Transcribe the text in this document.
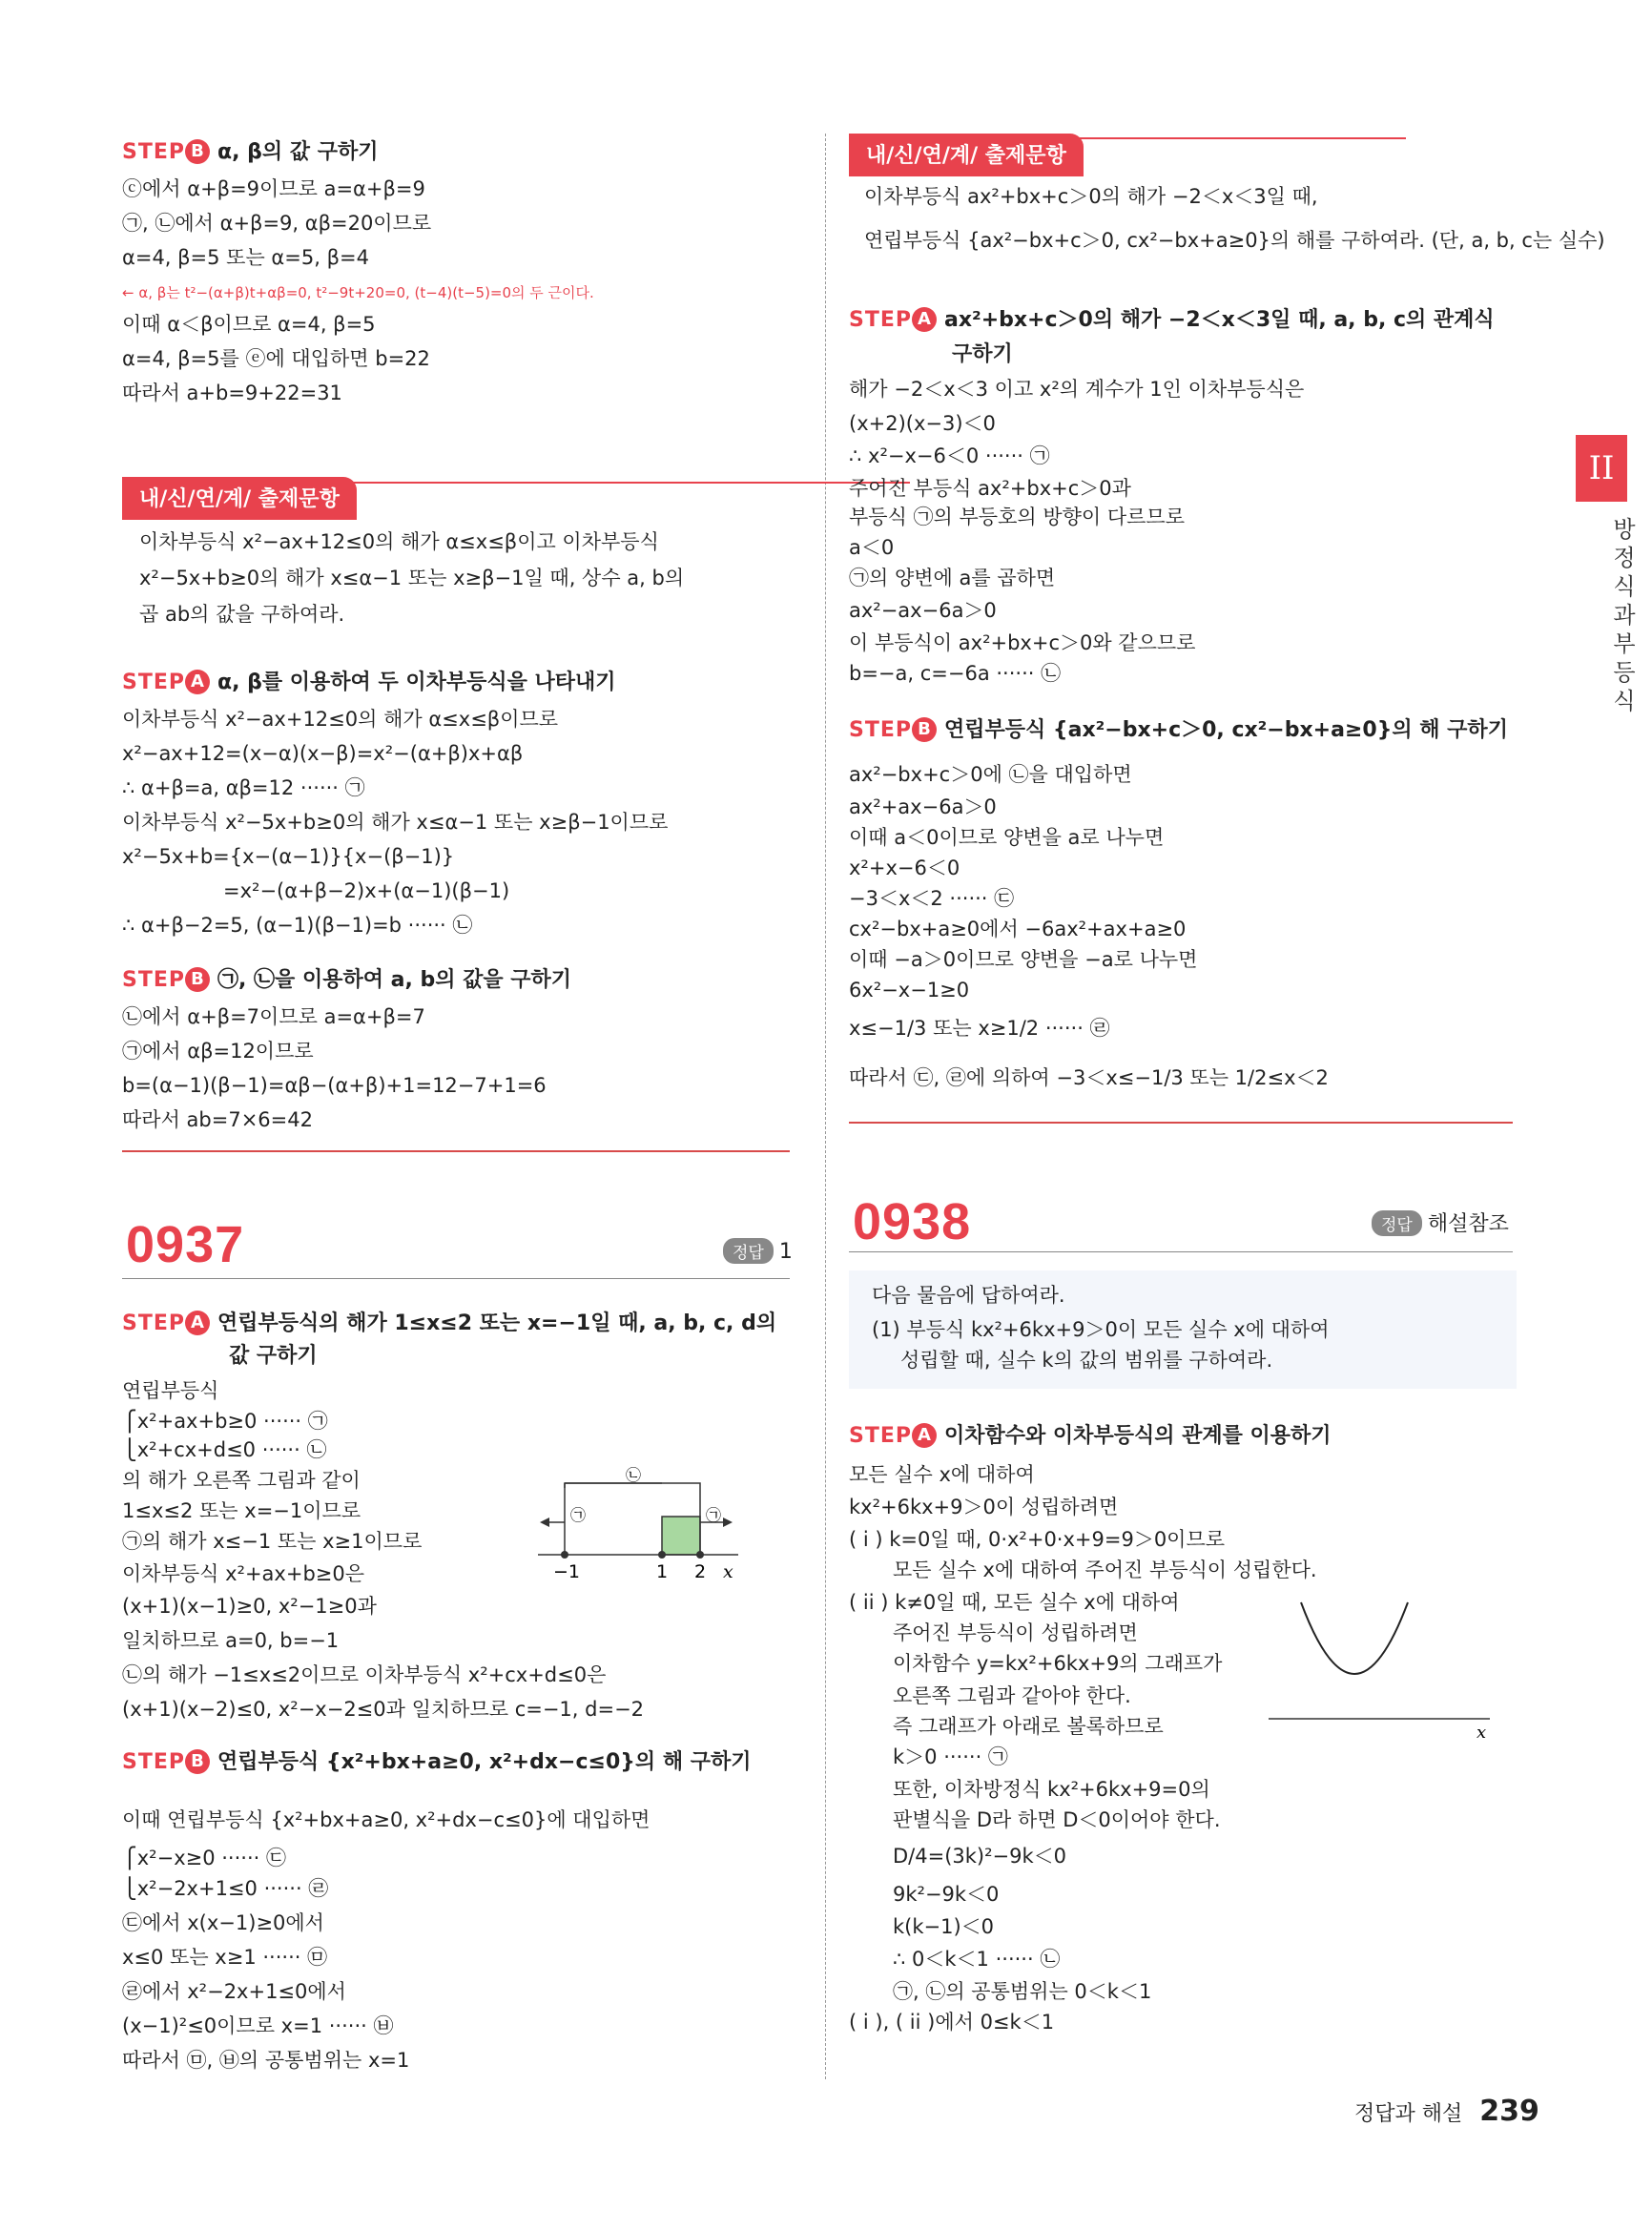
STEP B α, β의 값 구하기
ⓒ에서 α+β=9이므로 a=α+β=9
㉠, ㉡에서 α+β=9, αβ=20이므로
α=4, β=5 또는 α=5, β=4
← α, β는 t²−(α+β)t+αβ=0, t²−9t+20=0, (t−4)(t−5)=0의 두 근이다.
이때 α＜β이므로 α=4, β=5
α=4, β=5를 ⓔ에 대입하면 b=22
따라서 a+b=9+22=31
내/신/연/계/ 출제문항
이차부등식 x²−ax+12≤0의 해가 α≤x≤β이고 이차부등식
x²−5x+b≥0의 해가 x≤α−1 또는 x≥β−1일 때, 상수 a, b의
곱 ab의 값을 구하여라.
STEP A α, β를 이용하여 두 이차부등식을 나타내기
이차부등식 x²−ax+12≤0의 해가 α≤x≤β이므로
x²−ax+12=(x−α)(x−β)=x²−(α+β)x+αβ
∴ α+β=a, αβ=12 ······ ㉠
이차부등식 x²−5x+b≥0의 해가 x≤α−1 또는 x≥β−1이므로
x²−5x+b={x−(α−1)}{x−(β−1)}
=x²−(α+β−2)x+(α−1)(β−1)
∴ α+β−2=5, (α−1)(β−1)=b ······ ㉡
STEP B ㉠, ㉡을 이용하여 a, b의 값을 구하기
㉡에서 α+β=7이므로 a=α+β=7
㉠에서 αβ=12이므로
b=(α−1)(β−1)=αβ−(α+β)+1=12−7+1=6
따라서 ab=7×6=42
0937	정답 1
STEP A 연립부등식의 해가 1≤x≤2 또는 x=−1일 때, a, b, c, d의
값 구하기
연립부등식
⎧x²+ax+b≥0 ······ ㉠
⎩x²+cx+d≤0 ······ ㉡
의 해가 오른쪽 그림과 같이
1≤x≤2 또는 x=−1이므로
㉠의 해가 x≤−1 또는 x≥1이므로
이차부등식 x²+ax+b≥0은
(x+1)(x−1)≥0, x²−1≥0과
일치하므로 a=0, b=−1
㉡의 해가 −1≤x≤2이므로 이차부등식 x²+cx+d≤0은
(x+1)(x−2)≤0, x²−x−2≤0과 일치하므로 c=−1, d=−2
㉠
㉡
㉠
−1	1 2 x
STEP B 연립부등식 {x²+bx+a≥0, x²+dx−c≤0}의 해 구하기
이때 연립부등식 {x²+bx+a≥0, x²+dx−c≤0}에 대입하면
⎧x²−x≥0 ······ ㉢
⎩x²−2x+1≤0 ······ ㉣
㉢에서 x(x−1)≥0에서
x≤0 또는 x≥1 ······ ㉤
㉣에서 x²−2x+1≤0에서
(x−1)²≤0이므로 x=1 ······ ㉥
따라서 ㉤, ㉥의 공통범위는 x=1
내/신/연/계/ 출제문항
이차부등식 ax²+bx+c＞0의 해가 −2＜x＜3일 때,
연립부등식 {ax²−bx+c＞0, cx²−bx+a≥0}의 해를 구하여라. (단, a, b, c는 실수)
STEP A ax²+bx+c＞0의 해가 −2＜x＜3일 때, a, b, c의 관계식
구하기
해가 −2＜x＜3 이고 x²의 계수가 1인 이차부등식은
(x+2)(x−3)＜0
∴ x²−x−6＜0 ······ ㉠
주어진 부등식 ax²+bx+c＞0과
부등식 ㉠의 부등호의 방향이 다르므로
a＜0
㉠의 양변에 a를 곱하면
ax²−ax−6a＞0
이 부등식이 ax²+bx+c＞0와 같으므로
b=−a, c=−6a ······ ㉡
STEP B 연립부등식 {ax²−bx+c＞0, cx²−bx+a≥0}의 해 구하기
ax²−bx+c＞0에 ㉡을 대입하면
ax²+ax−6a＞0
이때 a＜0이므로 양변을 a로 나누면
x²+x−6＜0
−3＜x＜2 ······ ㉢
cx²−bx+a≥0에서 −6ax²+ax+a≥0
이때 −a＞0이므로 양변을 −a로 나누면
6x²−x−1≥0
x≤−1/3 또는 x≥1/2 ······ ㉣
따라서 ㉢, ㉣에 의하여 −3＜x≤−1/3 또는 1/2≤x＜2
0938	정답 해설참조
다음 물음에 답하여라.
(1) 부등식 kx²+6kx+9＞0이 모든 실수 x에 대하여
성립할 때, 실수 k의 값의 범위를 구하여라.
STEP A 이차함수와 이차부등식의 관계를 이용하기
모든 실수 x에 대하여
kx²+6kx+9＞0이 성립하려면
( i ) k=0일 때, 0·x²+0·x+9=9＞0이므로
모든 실수 x에 대하여 주어진 부등식이 성립한다.
( ii ) k≠0일 때, 모든 실수 x에 대하여
주어진 부등식이 성립하려면
이차함수 y=kx²+6kx+9의 그래프가
오른쪽 그림과 같아야 한다.
즉 그래프가 아래로 볼록하므로
k＞0 ······ ㉠
또한, 이차방정식 kx²+6kx+9=0의
판별식을 D라 하면 D＜0이어야 한다.
D/4=(3k)²−9k＜0
9k²−9k＜0
k(k−1)＜0
∴ 0＜k＜1 ······ ㉡
㉠, ㉡의 공통범위는 0＜k＜1
( i ), ( ii )에서 0≤k＜1
x
II
방정식과 부등식
정답과 해설 239
